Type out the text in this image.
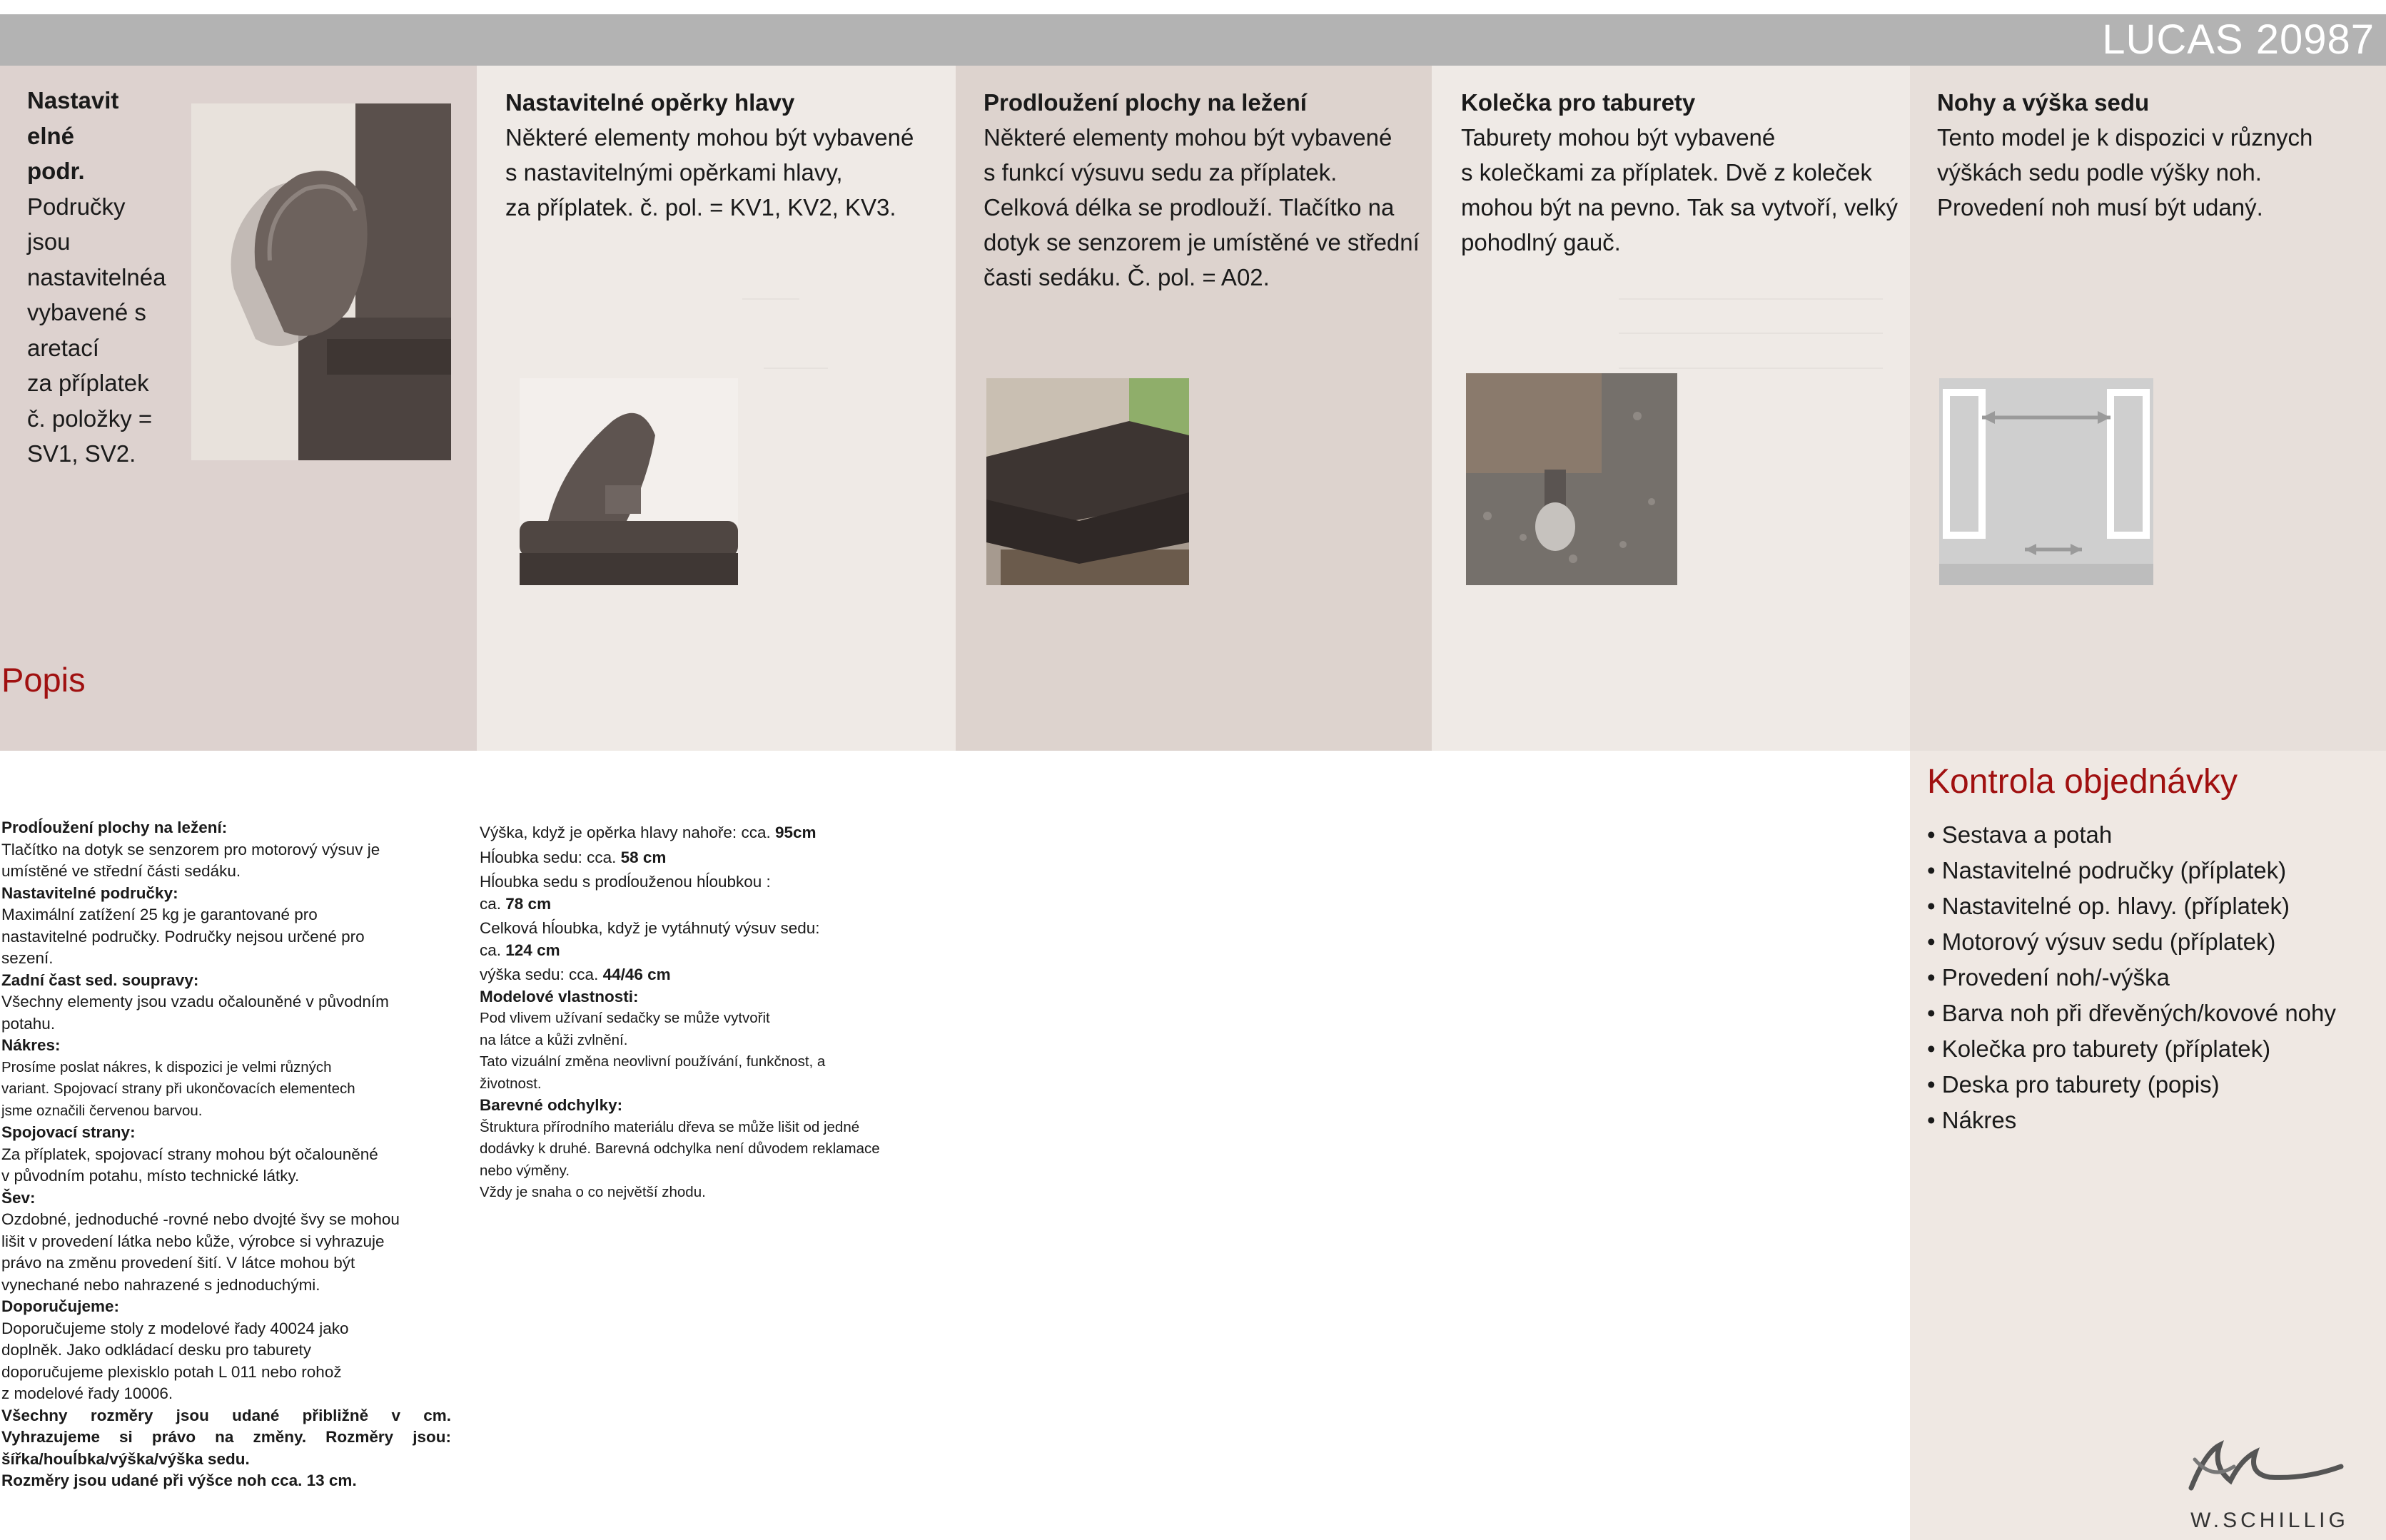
LUCAS 20987
Nastavit
elné
podr.
Područky
jsou
nastavitelnéa
vybavené s
aretací
za příplatek
č. položky =
SV1, SV2.
Popis
Nastavitelné opěrky hlavy
Některé elementy mohou být vybavené
s nastavitelnými opěrkami hlavy,
za příplatek. č. pol. = KV1, KV2, KV3.
Prodloužení plochy na ležení
Některé elementy mohou být vybavené
s funkcí výsuvu sedu za příplatek.
Celková délka se prodlouží. Tlačítko na
dotyk se senzorem je umístěné ve střední
časti sedáku. Č. pol. = A02.
Kolečka pro taburety
Taburety mohou být vybavené
s kolečkami za příplatek. Dvě z koleček
mohou být na pevno. Tak sa vytvoří, velký
pohodlný gauč.
Nohy a výška sedu
Tento model je k dispozici v různych
výškách sedu podle výšky noh.
Provedení noh musí být udaný.
Prodĺoužení plochy na ležení:
Tlačítko na dotyk se senzorem pro motorový výsuv je
umístěné ve střední části sedáku.
Nastavitelné područky:
Maximální zatížení 25 kg je garantované pro
nastavitelné područky. Područky nejsou určené pro
sezení.
Zadní čast sed. soupravy:
Všechny elementy jsou vzadu očalouněné v původním
potahu.
Nákres:
Prosíme poslat nákres, k dispozici je velmi různých
variant. Spojovací strany při ukončovacích elementech
jsme označili červenou barvou.
Spojovací strany:
Za příplatek, spojovací strany mohou být očalouněné
v původním potahu, místo technické látky.
Šev:
Ozdobné, jednoduché -rovné nebo dvojté švy se mohou
lišit v provedení látka nebo kůže, výrobce si vyhrazuje
právo na změnu provedení šití. V látce mohou být
vynechané nebo nahrazené s jednoduchými.
Doporučujeme:
Doporučujeme stoly z modelové řady 40024 jako
doplněk. Jako odkládací desku pro taburety
doporučujeme plexisklo potah L 011 nebo rohož
z modelové řady 10006.
Všechny rozměry jsou udané přibližně v cm.
Vyhrazujeme si právo na změny. Rozměry jsou:
šířka/houĺbka/výška/výška sedu.
Rozměry jsou udané při výšce noh cca. 13 cm.
Výška, když je opěrka hlavy nahoře: cca. 95cm
Hĺoubka sedu: cca. 58 cm
Hĺoubka sedu s prodĺouženou hĺoubkou :
ca. 78 cm
Celková hĺoubka, když je vytáhnutý výsuv sedu:
ca. 124 cm
výška sedu: cca. 44/46 cm
Modelové vlastnosti:
Pod vlivem užívaní sedačky se může vytvořit
na látce a kůži zvlnění.
Tato vizuální změna neovlivní používání, funkčnost, a
životnost.
Barevné odchylky:
Štruktura přírodního materiálu dřeva se může lišit od jedné
dodávky k druhé. Barevná odchylka není důvodem reklamace
nebo výměny.
Vždy je snaha o co největší zhodu.
Kontrola objednávky
• Sestava a potah
• Nastavitelné područky (příplatek)
• Nastavitelné op. hlavy. (příplatek)
• Motorový výsuv sedu (příplatek)
• Provedení noh/-výška
• Barva noh při dřevěných/kovové nohy
• Kolečka pro taburety (příplatek)
• Deska pro taburety (popis)
• Nákres
W.SCHILLIG
